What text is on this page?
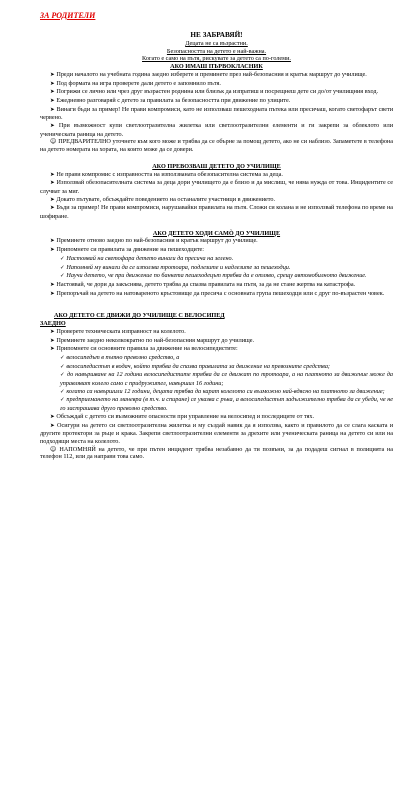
ЗА РОДИТЕЛИ
НЕ ЗАБРАВЯЙ!
Децата не са възрастни.
Безопасността на детето е най-важна.
Когато е само на пътя, рискувате за детето са по-големи.
АКО ИМАШ ПЪРВОКЛАСНИК

➤ Преди началото на учебната година заедно изберете и преминете през най-безопасния и кратък маршрут до училище.

➤ Под формата на игра проверете дали детето е запомнило пътя.

➤ Погрижи се лично или чрез друг възрастен роднина или близък да изпратиш и посрещнеш дете си до/от училищния вход.

➤ Ежедневно разговаряй с детето за правилата за безопасността при движение по улиците.

➤ Винаги бъди за пример! Не прави компромиси, като не използваш пешеходната пътека или пресичаш, когато светофарът свети червено.

➤ При възможност купи светлоотразителна жилетка или светлоотразителни елементи и ги закрепи за облеклото или ученическата раница на детето.

☺ ПРЕДВАРИТЕЛНО уточнете към кого може и трябва да се обърне за помощ детето, ако не си наблизо. Запаметете в телефона на детето номерата на хората, на които може да се довери.

АКО ПРЕВОЗВАШ ДЕТЕТО ДО УЧИЛИЩЕ

➤ Не прави компромис с изправността на използваната обезопасителна система за деца.

➤ Използвай обезопасителната система за деца дори училището да е близо и да мислиш, че няма нужда от това. Инцидентите се случват за миг.

➤ Докато пътувате, обсъждайте поведението на останалите участници в движението.

➤ Бъди за пример! Не прави компромиси, нарушавайки правилата на пътя. Сложи си колана и не използвай телефона по време на шофиране.

АКО ДЕТЕТО ХОДИ САМÒ ДО УЧИЛИЩЕ

➤ Преминете отново заедно по най-безопасния и кратък маршрут до училище.

➤ Припомнете си правилата за движение на пешеходците:

✓ Настоявай на светофара детето винаги да пресича на зелено.

✓ Напомняй му винаги да се използва тротоара, подлезите и надлезите за пешеходци.

✓ Научи детето, че при движение по банкета пешеходецът трябва да е отляво, срещу автомобилното движение.

➤ Настоявай, че дори да закъснява, детето трябва да спазва правилата на пътя, за да не стане жертва на катастрофа.

➤ Препоръчай на детето на натовареното кръстовище да пресича с основната група пешеходци или с друг по-възрастен човек.

АКО ДЕТЕТО СЕ ДВИЖИ ДО УЧИЛИЩЕ С ВЕЛОСИПЕД
ЗАЕДНО

➤ Проверете техническата изправност на колелото.

➤ Преминете заедно неколкократно по най-безопасния маршрут до училище.

➤ Припомнете си основните правила за движение на велосипедистите:

✓ велосипедът в пътно превозно средство, а

✓ велосипедистът в водач, който трябва да спазва правилата за движение на превозните средства;

✓ до навършване на 12 години велосипедистите трябва да се движат по тротоара, а на платното за движение може да управляват колело само с придружител, навършил 16 години;

✓ когато са навършили 12 години, децата трябва да карат колелото си възможно най-вдясно на платното за движение;

✓ предприемането на маневра (в т.ч. и спиране) се указва с ръка, а велосипедистът задължително трябва да се убеди, че не го застрашава друго превозно средство.

➤ Обсъждай с детето си възможните опасности при управление на велосипед и последиците от тях.

➤ Осигури на детето си светлоотразителна жилетка и му създай навик да я използва, както и правилото да се слага каската и другите протектори за ръце и крака. Закрепи светлоотразителни елементи за дрехите или ученическата раница на детето си или на подходящи места на колелото.

☺ НАПОМНЯЙ на детето, че при пътен инцидент трябва незабавно да ти позвъни, за да подадеш сигнал в полицията на телефон 112, или да направи това само.
